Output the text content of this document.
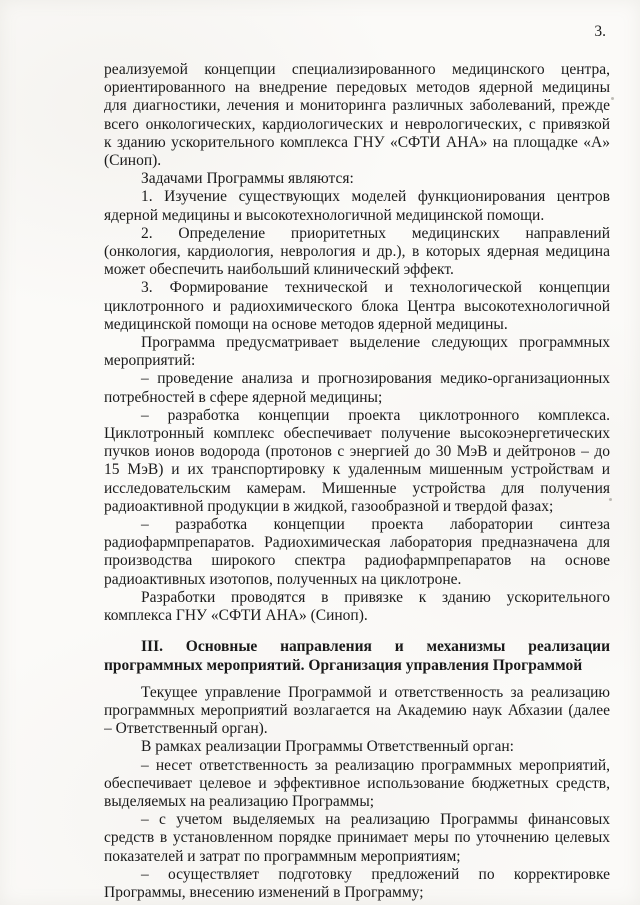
3.
реализуемой концепции специализированного медицинского центра,
ориентированного на внедрение передовых методов ядерной медицины
для диагностики, лечения и мониторинга различных заболеваний, прежде
всего онкологических, кардиологических и неврологических, с привязкой
к зданию ускорительного комплекса ГНУ «СФТИ АНА» на площадке «А»
(Синоп).
Задачами Программы являются:
1. Изучение существующих моделей функционирования центров
ядерной медицины и высокотехнологичной медицинской помощи.
2. Определение приоритетных медицинских направлений
(онкология, кардиология, неврология и др.), в которых ядерная медицина
может обеспечить наибольший клинический эффект.
3. Формирование технической и технологической концепции
циклотронного и радиохимического блока Центра высокотехнологичной
медицинской помощи на основе методов ядерной медицины.
Программа предусматривает выделение следующих программных
мероприятий:
– проведение анализа и прогнозирования медико-организационных
потребностей в сфере ядерной медицины;
– разработка концепции проекта циклотронного комплекса.
Циклотронный комплекс обеспечивает получение высокоэнергетических
пучков ионов водорода (протонов с энергией до 30 МэВ и дейтронов – до
15 МэВ) и их транспортировку к удаленным мишенным устройствам и
исследовательским камерам. Мишенные устройства для получения
радиоактивной продукции в жидкой, газообразной и твердой фазах;
– разработка концепции проекта лаборатории синтеза
радиофармпрепаратов. Радиохимическая лаборатория предназначена для
производства широкого спектра радиофармпрепаратов на основе
радиоактивных изотопов, полученных на циклотроне.
Разработки проводятся в привязке к зданию ускорительного
комплекса ГНУ «СФТИ АНА» (Синоп).
III. Основные направления и механизмы реализации
программных мероприятий. Организация управления Программой
Текущее управление Программой и ответственность за реализацию
программных мероприятий возлагается на Академию наук Абхазии (далее
– Ответственный орган).
В рамках реализации Программы Ответственный орган:
– несет ответственность за реализацию программных мероприятий,
обеспечивает целевое и эффективное использование бюджетных средств,
выделяемых на реализацию Программы;
– с учетом выделяемых на реализацию Программы финансовых
средств в установленном порядке принимает меры по уточнению целевых
показателей и затрат по программным мероприятиям;
– осуществляет подготовку предложений по корректировке
Программы, внесению изменений в Программу;
